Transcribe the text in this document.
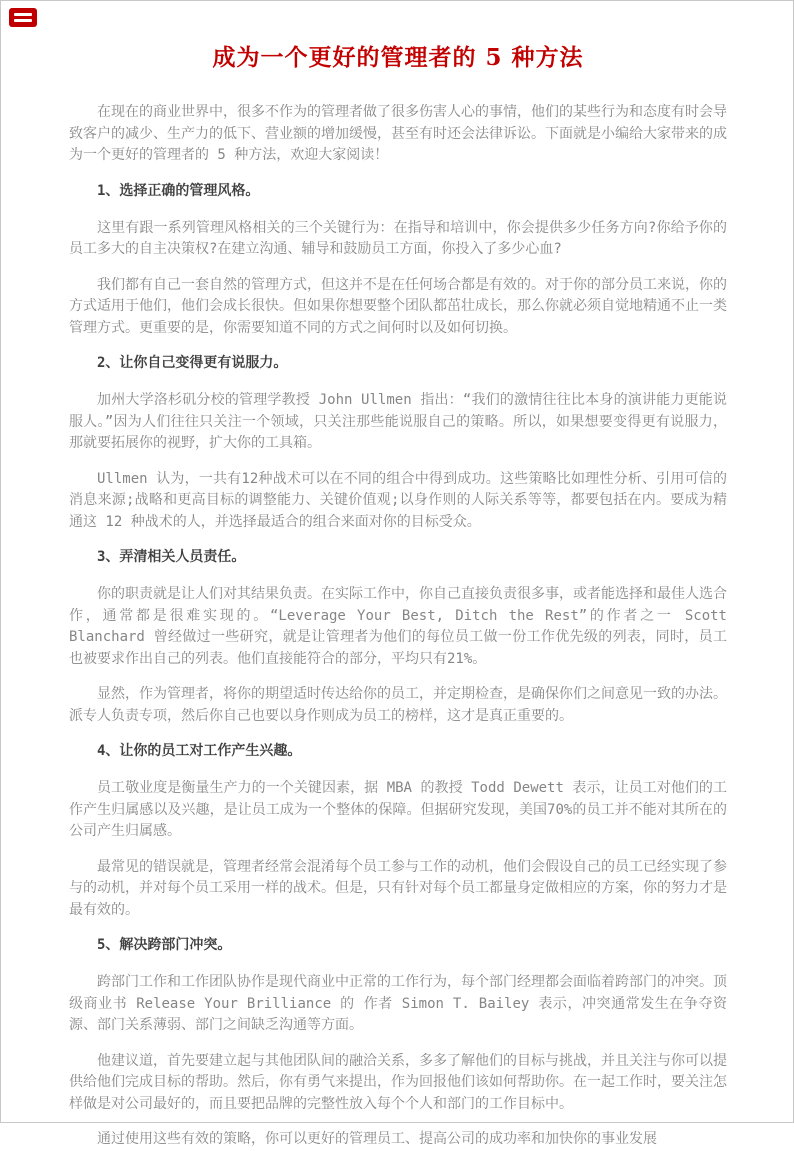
成为一个更好的管理者的 5 种方法

在现在的商业世界中，很多不作为的管理者做了很多伤害人心的事情，他们的某些行为和态度有时会导致客户的减少、生产力的低下、营业额的增加缓慢，甚至有时还会法律诉讼。下面就是小编给大家带来的成为一个更好的管理者的 5 种方法，欢迎大家阅读！

1、选择正确的管理风格。

这里有跟一系列管理风格相关的三个关键行为：在指导和培训中，你会提供多少任务方向?你给予你的员工多大的自主决策权?在建立沟通、辅导和鼓励员工方面，你投入了多少心血?

我们都有自己一套自然的管理方式，但这并不是在任何场合都是有效的。对于你的部分员工来说，你的方式适用于他们，他们会成长很快。但如果你想要整个团队都茁壮成长，那么你就必须自觉地精通不止一类管理方式。更重要的是，你需要知道不同的方式之间何时以及如何切换。

2、让你自己变得更有说服力。

加州大学洛杉矶分校的管理学教授 John Ullmen 指出：“我们的激情往往比本身的演讲能力更能说服人。”因为人们往往只关注一个领域，只关注那些能说服自己的策略。所以，如果想要变得更有说服力，那就要拓展你的视野，扩大你的工具箱。

Ullmen 认为，一共有12种战术可以在不同的组合中得到成功。这些策略比如理性分析、引用可信的消息来源;战略和更高目标的调整能力、关键价值观;以身作则的人际关系等等，都要包括在内。要成为精通这 12 种战术的人，并选择最适合的组合来面对你的目标受众。

3、弄清相关人员责任。

你的职责就是让人们对其结果负责。在实际工作中，你自己直接负责很多事，或者能选择和最佳人选合作，通常都是很难实现的。“Leverage Your Best, Ditch the Rest”的作者之一 Scott Blanchard 曾经做过一些研究，就是让管理者为他们的每位员工做一份工作优先级的列表，同时，员工也被要求作出自己的列表。他们直接能符合的部分，平均只有21%。

显然，作为管理者，将你的期望适时传达给你的员工，并定期检查，是确保你们之间意见一致的办法。派专人负责专项，然后你自己也要以身作则成为员工的榜样，这才是真正重要的。

4、让你的员工对工作产生兴趣。

员工敬业度是衡量生产力的一个关键因素，据 MBA 的教授 Todd Dewett 表示，让员工对他们的工作产生归属感以及兴趣，是让员工成为一个整体的保障。但据研究发现，美国70%的员工并不能对其所在的公司产生归属感。

最常见的错误就是，管理者经常会混淆每个员工参与工作的动机，他们会假设自己的员工已经实现了参与的动机，并对每个员工采用一样的战术。但是，只有针对每个员工都量身定做相应的方案，你的努力才是最有效的。

5、解决跨部门冲突。

跨部门工作和工作团队协作是现代商业中正常的工作行为，每个部门经理都会面临着跨部门的冲突。顶级商业书 Release Your Brilliance 的 作者 Simon T. Bailey 表示，冲突通常发生在争夺资源、部门关系薄弱、部门之间缺乏沟通等方面。

他建议道，首先要建立起与其他团队间的融洽关系，多多了解他们的目标与挑战，并且关注与你可以提供给他们完成目标的帮助。然后，你有勇气来提出，作为回报他们该如何帮助你。在一起工作时，要关注怎样做是对公司最好的，而且要把品牌的完整性放入每个个人和部门的工作目标中。

通过使用这些有效的策略，你可以更好的管理员工、提高公司的成功率和加快你的事业发展
